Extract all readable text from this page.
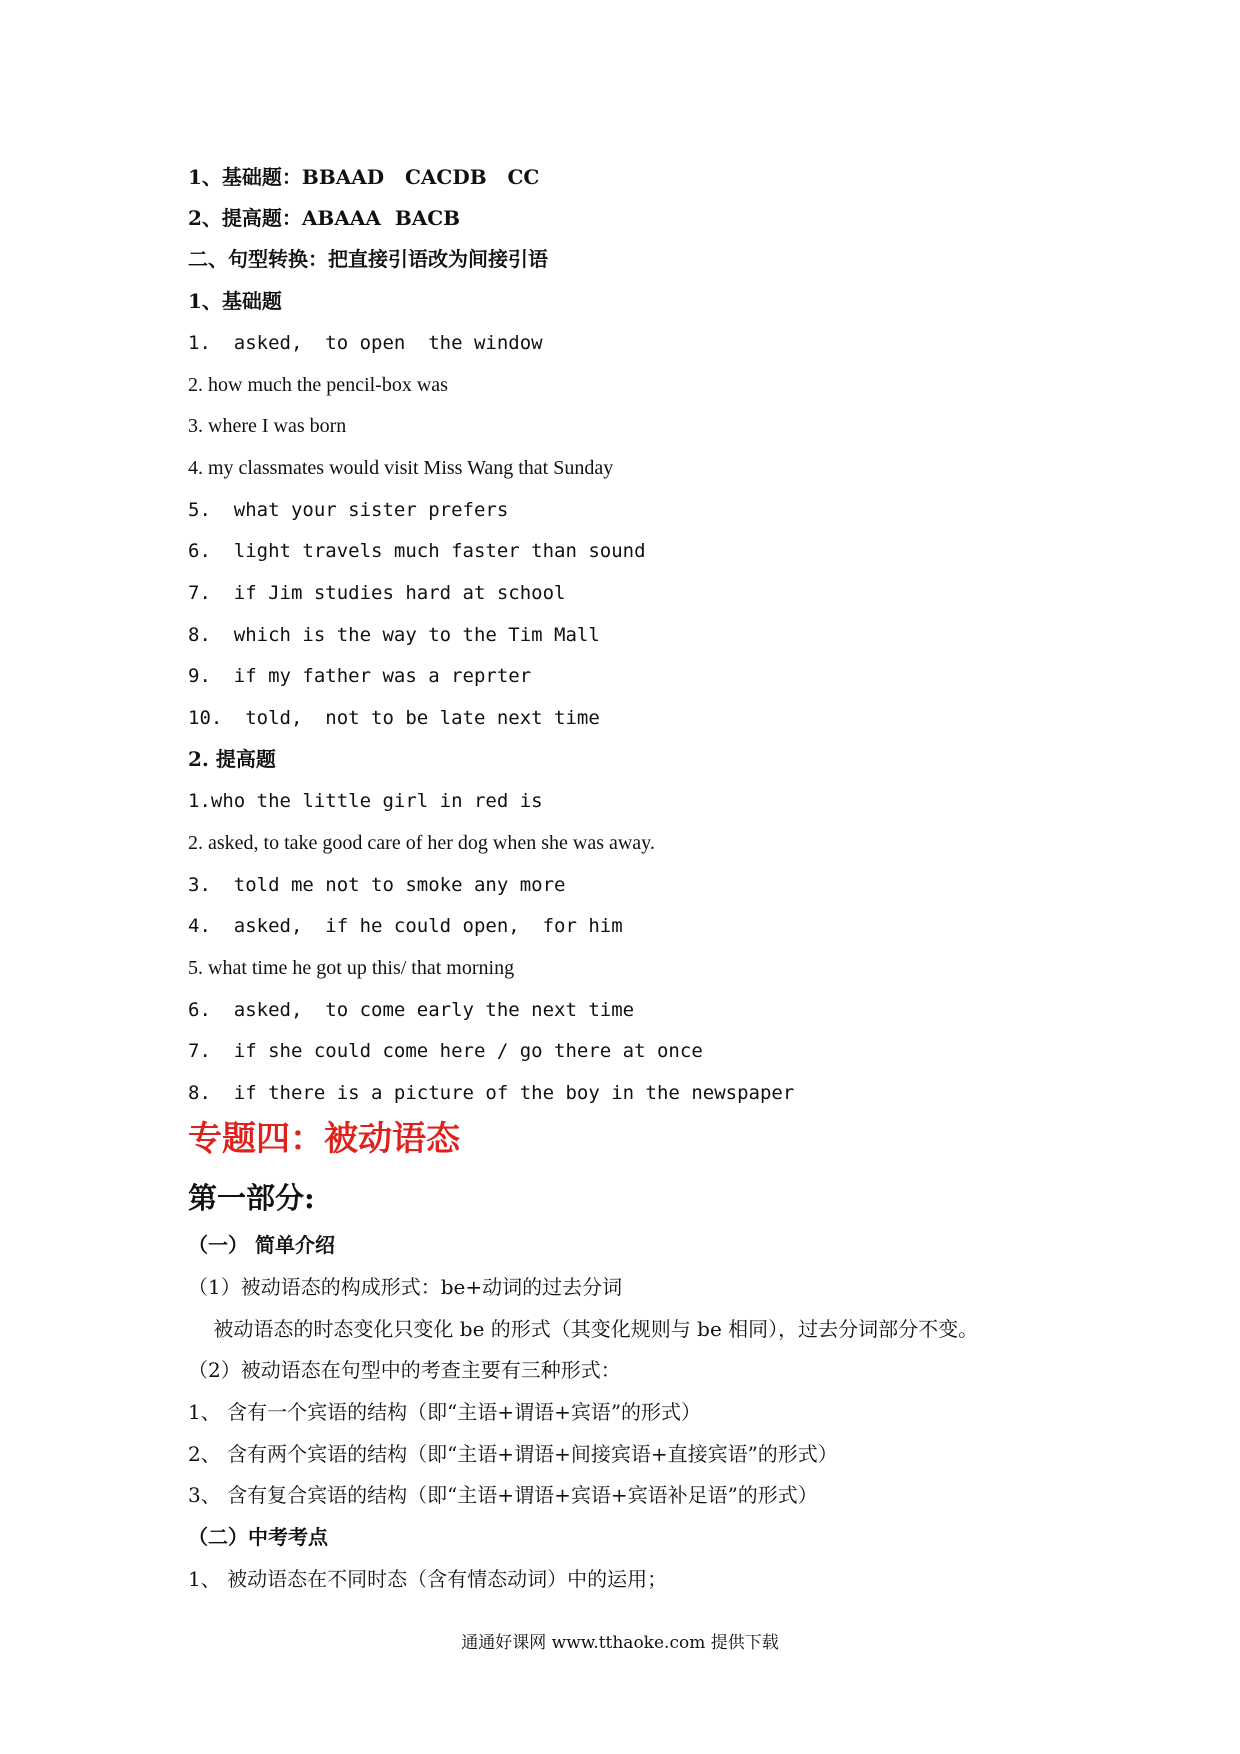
1、基础题：BBAAD   CACDB   CC
2、提高题：ABAAA  BACB
二、句型转换：把直接引语改为间接引语
1、基础题
1.  asked,  to open  the window
2. how much the pencil-box was
3. where I was born
4. my classmates would visit Miss Wang that Sunday
5.  what your sister prefers
6.  light travels much faster than sound
7.  if Jim studies hard at school
8.  which is the way to the Tim Mall
9.  if my father was a reprter
10.  told,  not to be late next time
2. 提高题
1.who the little girl in red is
2. asked, to take good care of her dog when she was away.
3.  told me not to smoke any more
4.  asked,  if he could open,  for him
5. what time he got up this/ that morning
6.  asked,  to come early the next time
7.  if she could come here / go there at once
8.  if there is a picture of the boy in the newspaper
专题四：被动语态
第一部分:
（一） 简单介绍
（1）被动语态的构成形式：be+动词的过去分词
被动语态的时态变化只变化 be 的形式（其变化规则与 be 相同），过去分词部分不变。
（2）被动语态在句型中的考查主要有三种形式：
1、 含有一个宾语的结构（即“主语+谓语+宾语”的形式）
2、 含有两个宾语的结构（即“主语+谓语+间接宾语+直接宾语”的形式）
3、 含有复合宾语的结构（即“主语+谓语+宾语+宾语补足语”的形式）
（二）中考考点
1、 被动语态在不同时态（含有情态动词）中的运用；
通通好课网 www.tthaoke.com 提供下载
